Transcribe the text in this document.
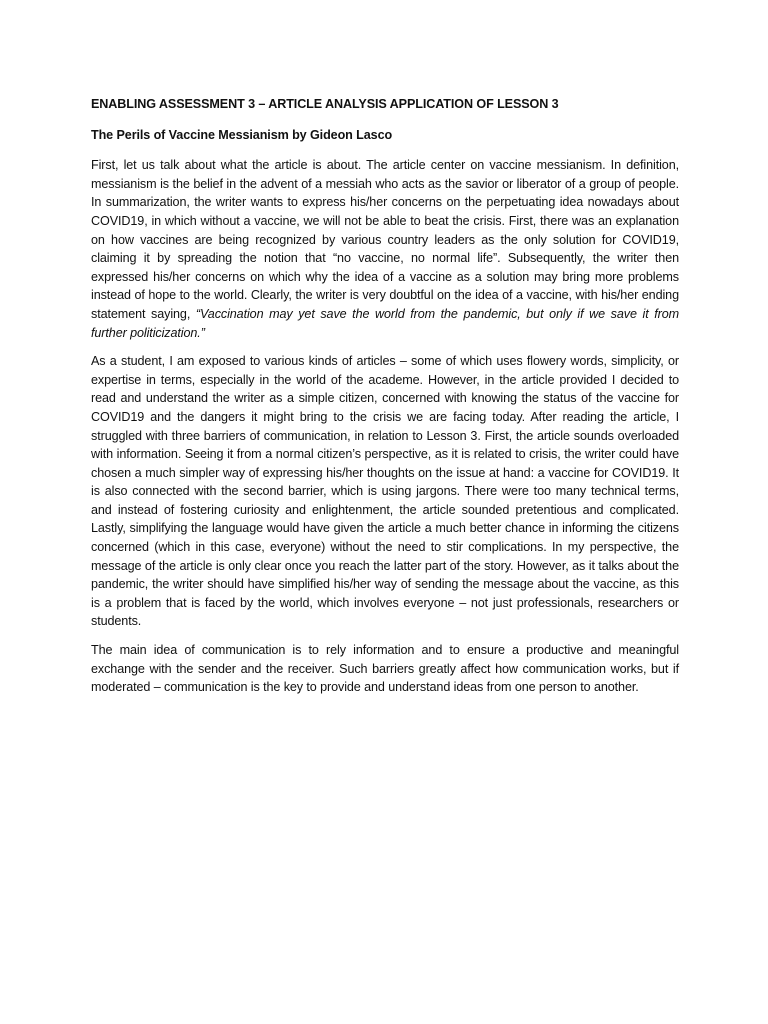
ENABLING ASSESSMENT 3 – ARTICLE ANALYSIS APPLICATION OF LESSON 3
The Perils of Vaccine Messianism by Gideon Lasco

First, let us talk about what the article is about. The article center on vaccine messianism. In definition, messianism is the belief in the advent of a messiah who acts as the savior or liberator of a group of people. In summarization, the writer wants to express his/her concerns on the perpetuating idea nowadays about COVID19, in which without a vaccine, we will not be able to beat the crisis. First, there was an explanation on how vaccines are being recognized by various country leaders as the only solution for COVID19, claiming it by spreading the notion that “no vaccine, no normal life”. Subsequently, the writer then expressed his/her concerns on which why the idea of a vaccine as a solution may bring more problems instead of hope to the world. Clearly, the writer is very doubtful on the idea of a vaccine, with his/her ending statement saying, “Vaccination may yet save the world from the pandemic, but only if we save it from further politicization.”

As a student, I am exposed to various kinds of articles – some of which uses flowery words, simplicity, or expertise in terms, especially in the world of the academe. However, in the article provided I decided to read and understand the writer as a simple citizen, concerned with knowing the status of the vaccine for COVID19 and the dangers it might bring to the crisis we are facing today. After reading the article, I struggled with three barriers of communication, in relation to Lesson 3. First, the article sounds overloaded with information. Seeing it from a normal citizen’s perspective, as it is related to crisis, the writer could have chosen a much simpler way of expressing his/her thoughts on the issue at hand: a vaccine for COVID19. It is also connected with the second barrier, which is using jargons. There were too many technical terms, and instead of fostering curiosity and enlightenment, the article sounded pretentious and complicated. Lastly, simplifying the language would have given the article a much better chance in informing the citizens concerned (which in this case, everyone) without the need to stir complications. In my perspective, the message of the article is only clear once you reach the latter part of the story. However, as it talks about the pandemic, the writer should have simplified his/her way of sending the message about the vaccine, as this is a problem that is faced by the world, which involves everyone – not just professionals, researchers or students.

The main idea of communication is to rely information and to ensure a productive and meaningful exchange with the sender and the receiver. Such barriers greatly affect how communication works, but if moderated – communication is the key to provide and understand ideas from one person to another.
